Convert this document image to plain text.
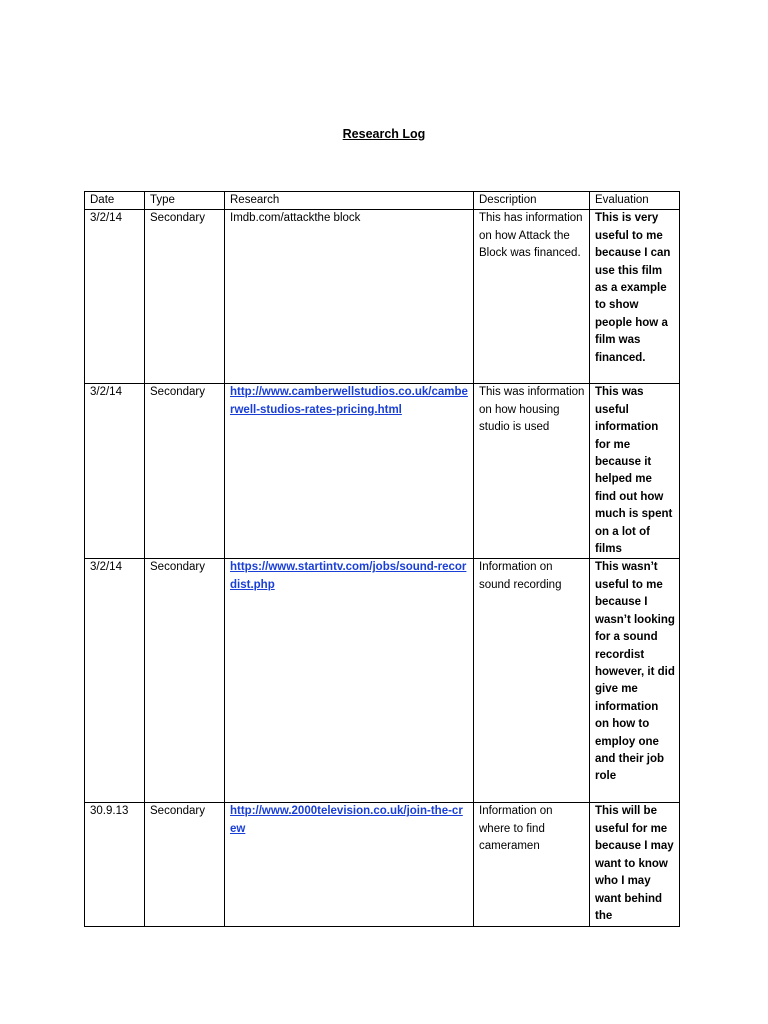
Research Log
Date	Type	Research	Description	Evaluation
3/2/14	Secondary	Imdb.com/attackthe block	This has information on how Attack the Block was financed.	This is very useful to me because I can use this film as a example to show people how a film was financed.
3/2/14	Secondary	http://www.camberwellstudios.co.uk/camberwell-studios-rates-pricing.html	This was information on how housing studio is used	This was useful information for me because it helped me find out how much is spent on a lot of films
3/2/14	Secondary	https://www.startintv.com/jobs/sound-recordist.php	Information on sound recording	This wasn’t useful to me because I wasn’t looking for a sound recordist however, it did give me information on how to employ one and their job role
30.9.13	Secondary	http://www.2000television.co.uk/join-the-crew	Information on where to find cameramen	This will be useful for me because I may want to know who I may want behind the
